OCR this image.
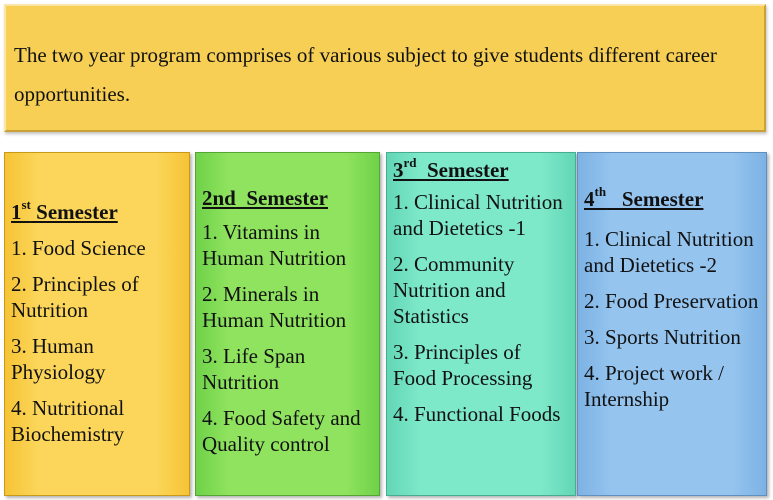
The two year program comprises of various subject to give students different career opportunities.
1st Semester
1. Food Science
2. Principles of Nutrition
3. Human Physiology
4. Nutritional Biochemistry
2nd  Semester
1. Vitamins in Human Nutrition
2. Minerals in Human Nutrition
3. Life Span Nutrition
4. Food Safety and Quality control
3rd  Semester
1. Clinical Nutrition and Dietetics -1
2. Community Nutrition and Statistics
3. Principles of Food Processing
4. Functional Foods
4th   Semester
1. Clinical Nutrition and Dietetics -2
2. Food Preservation
3. Sports Nutrition
4. Project work / Internship
